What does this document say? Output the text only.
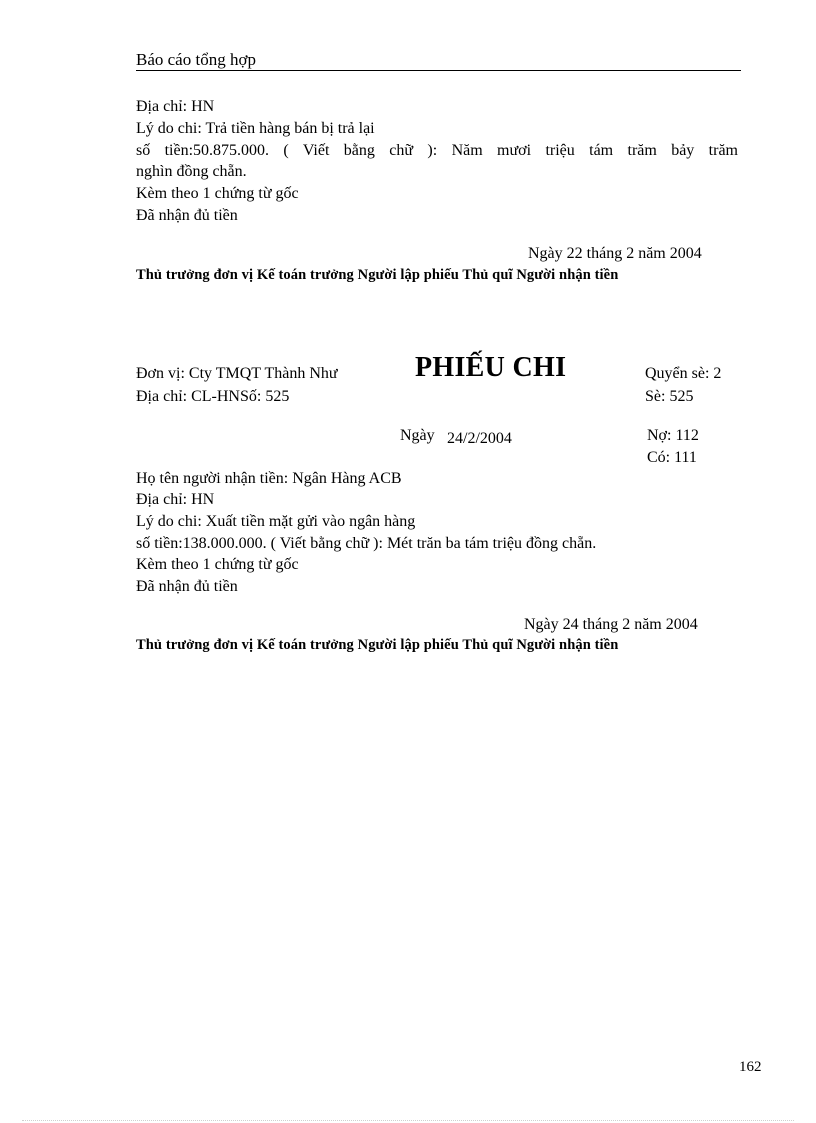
Báo cáo tổng hợp
Địa chỉ: HN
Lý do chi: Trả tiền hàng bán bị trả lại
số tiền:50.875.000. ( Viết bằng chữ ): Năm mươi triệu tám trăm bảy trăm
nghìn đồng chẵn.
Kèm theo 1 chứng từ gốc
Đã nhận đủ tiền
Ngày 22 tháng 2 năm 2004
Thủ trưởng đơn vị Kế toán trưởng Người lập phiếu Thủ quĩ Người nhận tiền
Đơn vị: Cty TMQT Thành Như	PHIẾU CHI	Quyển sè: 2
Địa chỉ: CL-HNSố: 525	Sè: 525
Ngày 24/2/2004	Nợ: 112
Có: 111
Họ tên người nhận tiền: Ngân Hàng ACB
Địa chỉ: HN
Lý do chi: Xuất tiền mặt gửi vào ngân hàng
số tiền:138.000.000. ( Viết bằng chữ ): Mét trăn ba tám triệu đồng chẵn.
Kèm theo 1 chứng từ gốc
Đã nhận đủ tiền
Ngày 24 tháng 2 năm 2004
Thủ trưởng đơn vị Kế toán trưởng Người lập phiếu Thủ quĩ Người nhận tiền
162
